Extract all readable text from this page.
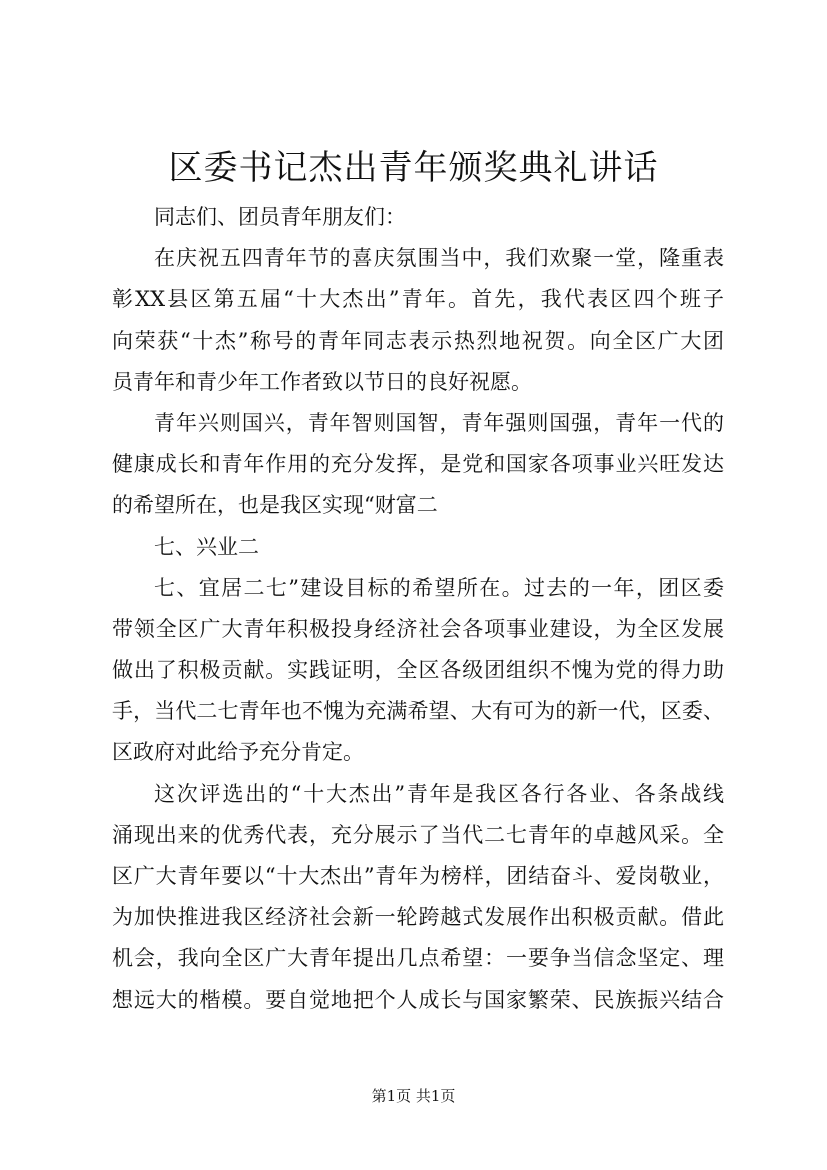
区委书记杰出青年颁奖典礼讲话
同志们、团员青年朋友们：
在庆祝五四青年节的喜庆氛围当中，我们欢聚一堂，隆重表
彰XX县区第五届“十大杰出”青年。首先，我代表区四个班子
向荣获“十杰”称号的青年同志表示热烈地祝贺。向全区广大团
员青年和青少年工作者致以节日的良好祝愿。
青年兴则国兴，青年智则国智，青年强则国强，青年一代的
健康成长和青年作用的充分发挥，是党和国家各项事业兴旺发达
的希望所在，也是我区实现“财富二
七、兴业二
七、宜居二七”建设目标的希望所在。过去的一年，团区委
带领全区广大青年积极投身经济社会各项事业建设，为全区发展
做出了积极贡献。实践证明，全区各级团组织不愧为党的得力助
手，当代二七青年也不愧为充满希望、大有可为的新一代，区委、
区政府对此给予充分肯定。
这次评选出的“十大杰出”青年是我区各行各业、各条战线
涌现出来的优秀代表，充分展示了当代二七青年的卓越风采。全
区广大青年要以“十大杰出”青年为榜样，团结奋斗、爱岗敬业，
为加快推进我区经济社会新一轮跨越式发展作出积极贡献。借此
机会，我向全区广大青年提出几点希望：一要争当信念坚定、理
想远大的楷模。要自觉地把个人成长与国家繁荣、民族振兴结合
第1页 共1页
